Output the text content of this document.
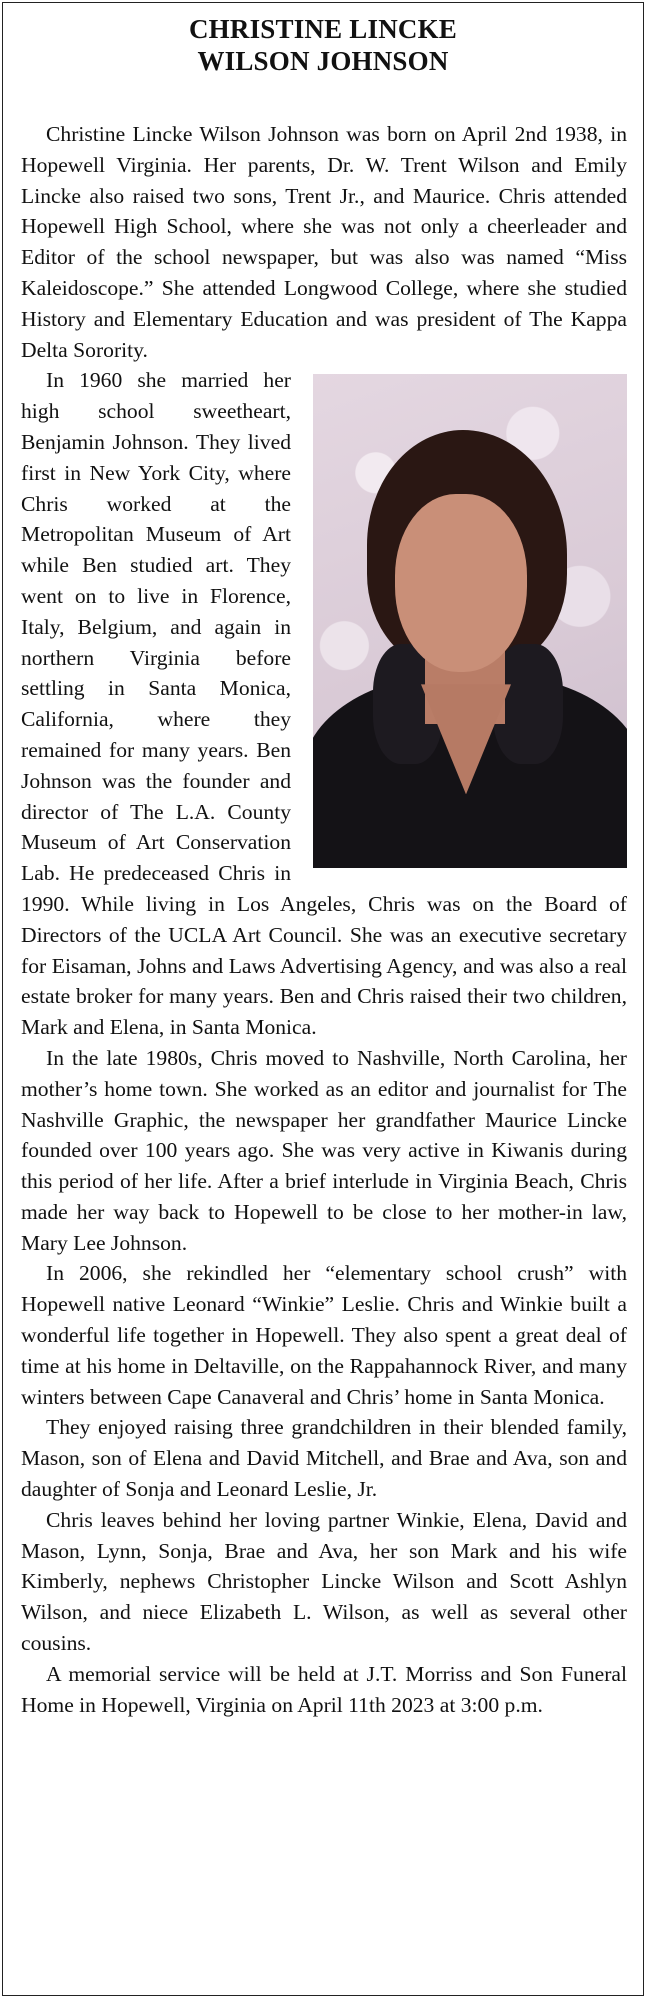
CHRISTINE LINCKE
WILSON JOHNSON

Christine Lincke Wilson Johnson was born on April 2nd 1938, in Hopewell Virginia. Her parents, Dr. W. Trent Wilson and Emily Lincke also raised two sons, Trent Jr., and Maurice. Chris attended Hopewell High School, where she was not only a cheerleader and Editor of the school newspaper, but was also was named “Miss Kaleidoscope.” She attended Longwood College, where she studied History and Elementary Education and was president of The Kappa Delta Sorority.

In 1960 she married her high school sweetheart, Benjamin Johnson. They lived first in New York City, where Chris worked at the Metropolitan Museum of Art while Ben studied art. They went on to live in Florence, Italy, Belgium, and again in northern Virginia before settling in Santa Monica, California, where they remained for many years. Ben Johnson was the founder and director of The L.A. County Museum of Art Conservation Lab. He predeceased Chris in 1990. While living in Los Angeles, Chris was on the Board of Directors of the UCLA Art Council. She was an executive secretary for Eisaman, Johns and Laws Advertising Agency, and was also a real estate broker for many years. Ben and Chris raised their two children, Mark and Elena, in Santa Monica.

In the late 1980s, Chris moved to Nashville, North Carolina, her mother’s home town. She worked as an editor and journalist for The Nashville Graphic, the newspaper her grandfather Maurice Lincke founded over 100 years ago. She was very active in Kiwanis during this period of her life. After a brief interlude in Virginia Beach, Chris made her way back to Hopewell to be close to her mother-in law, Mary Lee Johnson.

In 2006, she rekindled her “elementary school crush” with Hopewell native Leonard “Winkie” Leslie. Chris and Winkie built a wonderful life together in Hopewell. They also spent a great deal of time at his home in Deltaville, on the Rappahannock River, and many winters between Cape Canaveral and Chris’ home in Santa Monica.

They enjoyed raising three grandchildren in their blended family, Mason, son of Elena and David Mitchell, and Brae and Ava, son and daughter of Sonja and Leonard Leslie, Jr.

Chris leaves behind her loving partner Winkie, Elena, David and Mason, Lynn, Sonja, Brae and Ava, her son Mark and his wife Kimberly, nephews Christopher Lincke Wilson and Scott Ashlyn Wilson, and niece Elizabeth L. Wilson, as well as several other cousins.

A memorial service will be held at J.T. Morriss and Son Funeral Home in Hopewell, Virginia on April 11th 2023 at 3:00 p.m.
